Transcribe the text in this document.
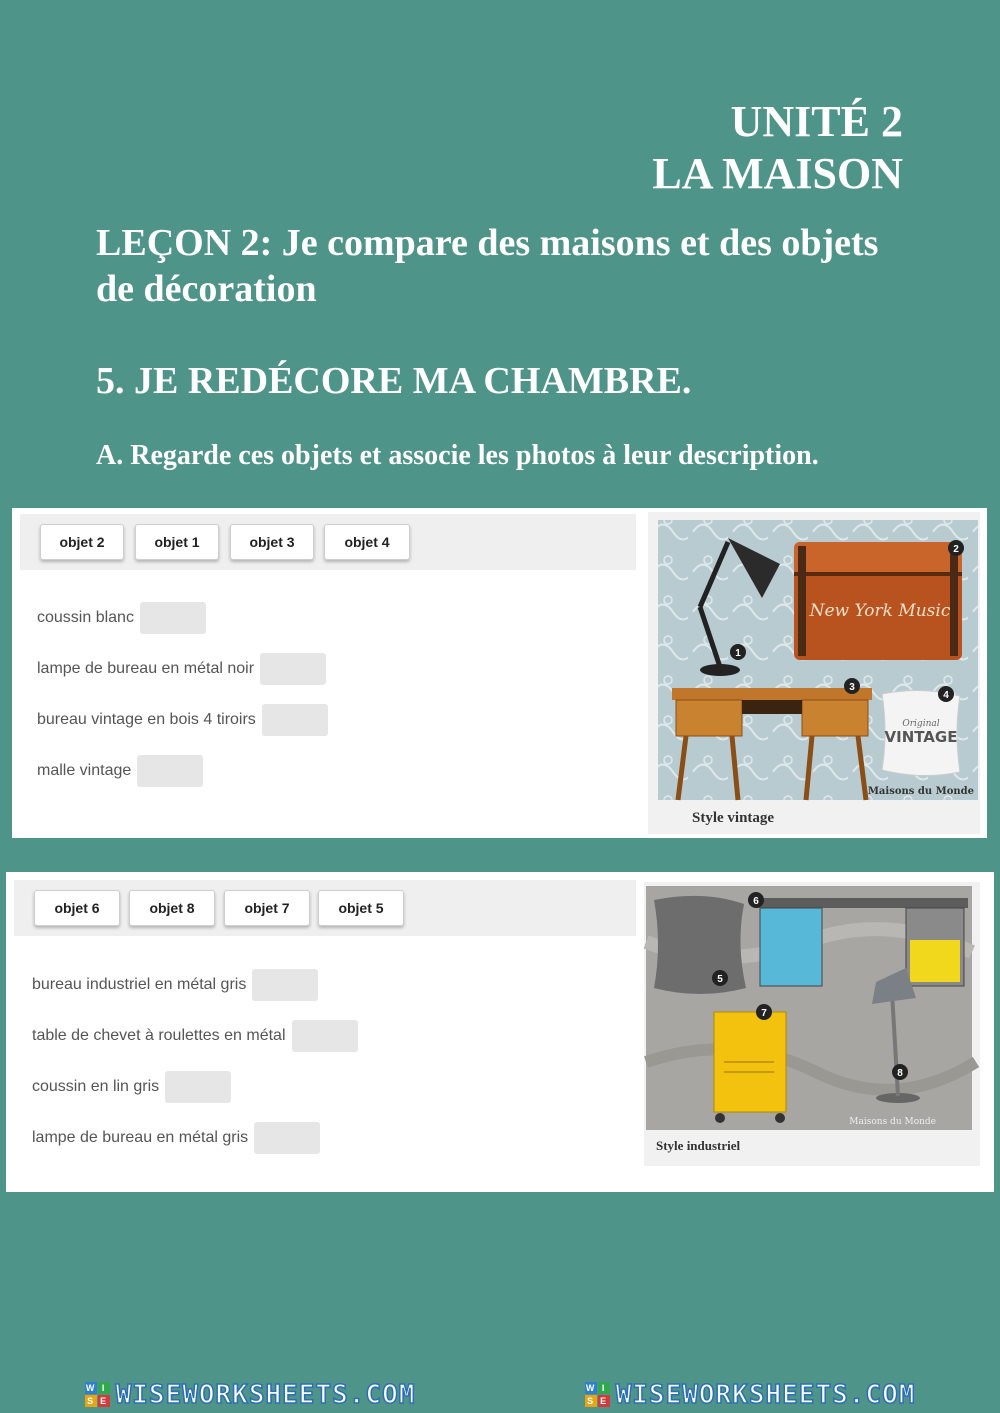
UNITÉ 2
LA MAISON
LEÇON 2: Je compare des maisons et des objets de décoration
5. JE REDÉCORE MA CHAMBRE.
A. Regarde ces objets et associe les photos à leur description.
objet 2	objet 1	objet 3	objet 4
coussin blanc
lampe de bureau en métal noir
bureau vintage en bois 4 tiroirs
malle vintage
New York Music
Original
VINTAGE
1
2
3
4
Maisons du Monde
Style vintage
objet 6	objet 8	objet 7	objet 5
bureau industriel en métal gris
table de chevet à roulettes en métal
coussin en lin gris
lampe de bureau en métal gris
5
6
7
8
Maisons du Monde
Style industriel
W I
S E WISEWORKSHEETS.COM	W I
S E WISEWORKSHEETS.COM
